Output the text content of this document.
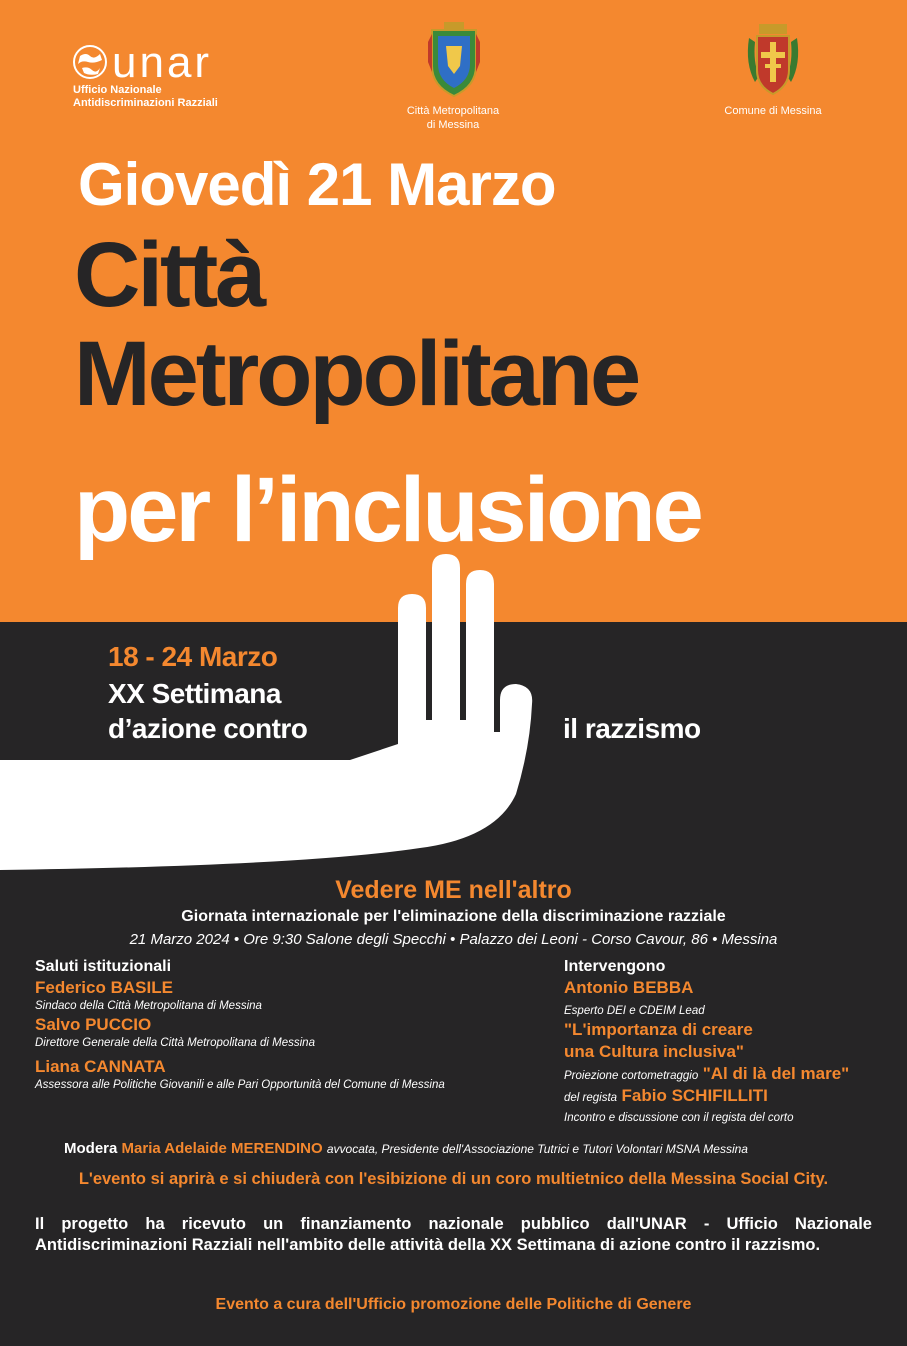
unar
Ufficio Nazionale
Antidiscriminazioni Razziali
Città Metropolitana
di Messina
Comune di Messina
Giovedì 21 Marzo
Città
Metropolitane
per l’inclusione
18 - 24 Marzo
XX Settimana
d’azione contro	il razzismo
Vedere ME nell'altro
Giornata internazionale per l'eliminazione della discriminazione razziale
21 Marzo 2024 • Ore 9:30 Salone degli Specchi • Palazzo dei Leoni - Corso Cavour, 86 • Messina
Saluti istituzionali
Federico BASILE
Sindaco della Città Metropolitana di Messina
Salvo PUCCIO
Direttore Generale della Città Metropolitana di Messina
Liana CANNATA
Assessora alle Politiche Giovanili e alle Pari Opportunità del Comune di Messina
Intervengono
Antonio BEBBA
Esperto DEI e CDEIM Lead
"L'importanza di creare
una Cultura inclusiva"
Proiezione cortometraggio "Al di là del mare"
del regista Fabio SCHIFILLITI
Incontro e discussione con il regista del corto
Modera Maria Adelaide MERENDINO avvocata, Presidente dell'Associazione Tutrici e Tutori Volontari MSNA Messina
L'evento si aprirà e si chiuderà con l'esibizione di un coro multietnico della Messina Social City.
Il progetto ha ricevuto un finanziamento nazionale pubblico dall'UNAR - Ufficio Nazionale Antidiscriminazioni Razziali nell'ambito delle attività della XX Settimana di azione contro il razzismo.
Evento a cura dell'Ufficio promozione delle Politiche di Genere
